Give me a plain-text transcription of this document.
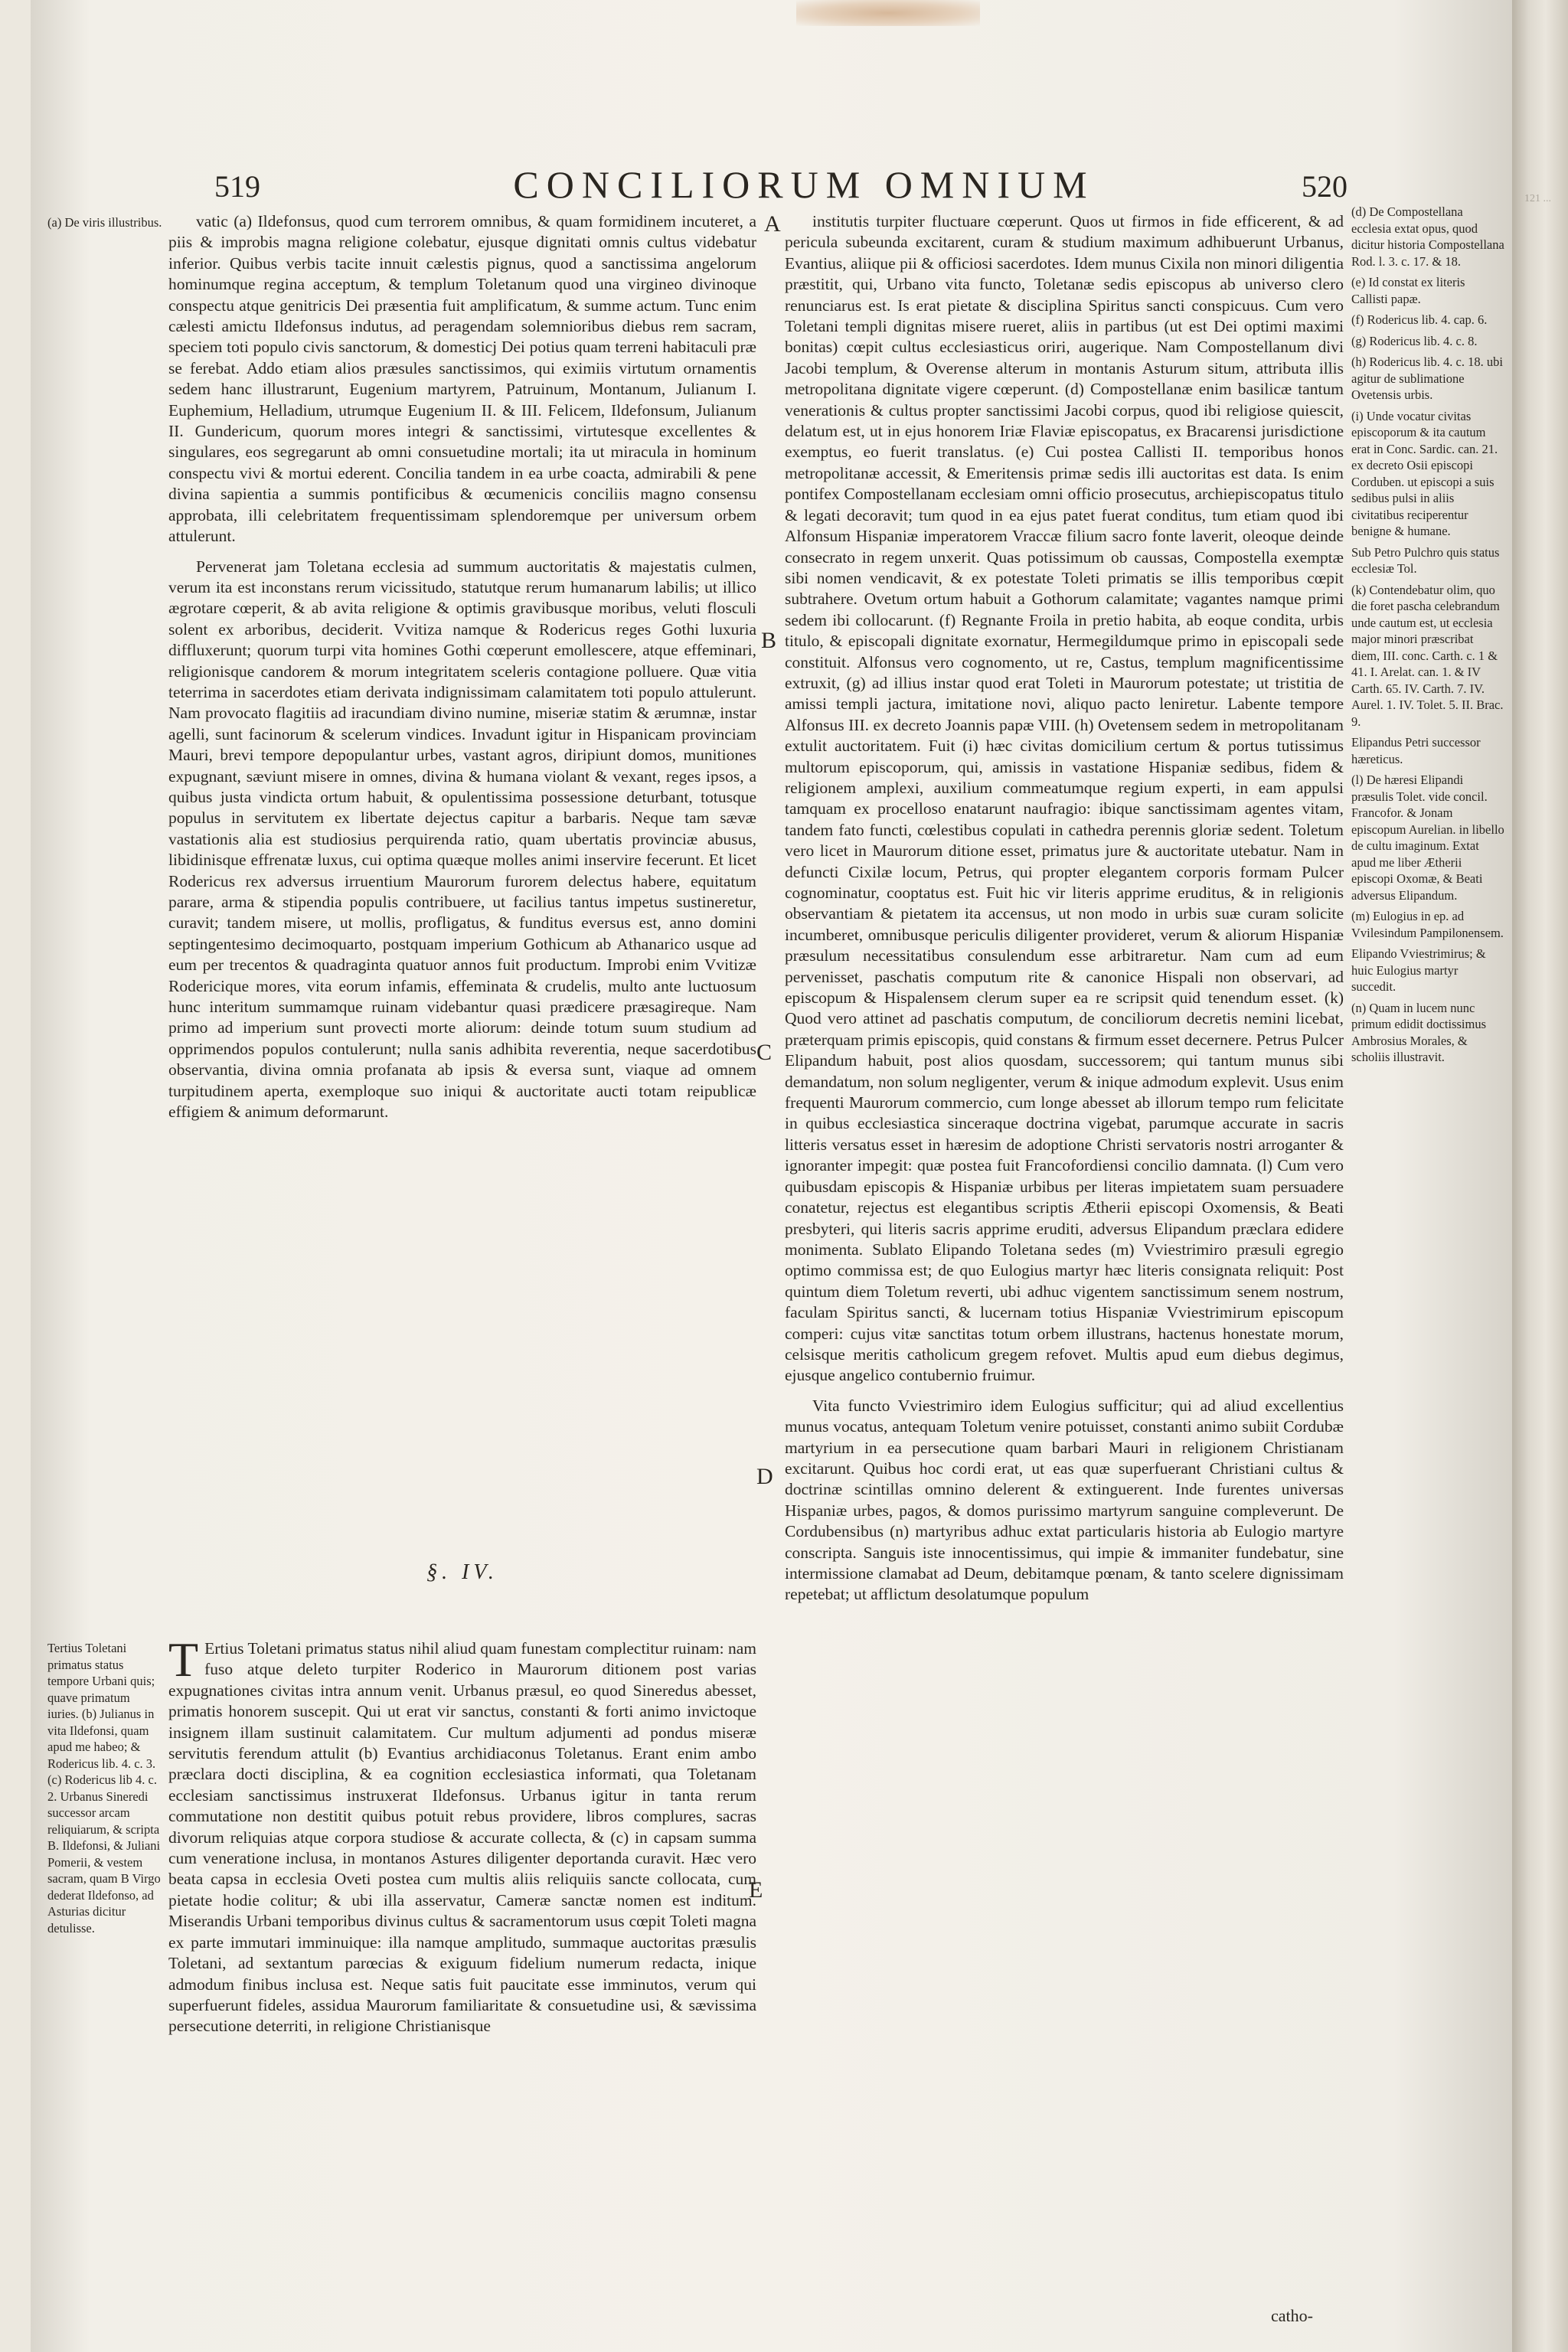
121 ...
519	CONCILIORUM OMNIUM	520
(a) De viris illustribus.	vatic (a) Ildefonsus, quod cum terrorem omnibus, & quam formidinem incuteret, a piis & improbis magna religione colebatur, ejusque dignitati omnis cultus videbatur inferior. Quibus verbis tacite innuit cælestis pignus, quod a sanctissima angelorum hominumque regina acceptum, & templum Toletanum quod una virgineo divinoque conspectu atque genitricis Dei præsentia fuit amplificatum, & summe actum. Tunc enim cælesti amictu Ildefonsus indutus, ad peragendam solemnioribus diebus rem sacram, speciem toti populo civis sanctorum, & domesticj Dei potius quam terreni habitaculi præ se ferebat. Addo etiam alios præsules sanctissimos, qui eximiis virtutum ornamentis sedem hanc illustrarunt, Eugenium martyrem, Patruinum, Montanum, Julianum I. Euphemium, Helladium, utrumque Eugenium II. & III. Felicem, Ildefonsum, Julianum II. Gundericum, quorum mores integri & sanctissimi, virtutesque excellentes & singulares, eos segregarunt ab omni consuetudine mortali; ita ut miracula in hominum conspectu vivi & mortui ederent. Concilia tandem in ea urbe coacta, admirabili & pene divina sapientia a summis pontificibus & œcumenicis conciliis magno consensu approbata, illi celebritatem frequentissimam splendoremque per universum orbem attulerunt.

Pervenerat jam Toletana ecclesia ad summum auctoritatis & majestatis culmen, verum ita est inconstans rerum vicissitudo, statutque rerum humanarum labilis; ut illico ægrotare cœperit, & ab avita religione & optimis gravibusque moribus, veluti flosculi solent ex arboribus, deciderit. Vvitiza namque & Rodericus reges Gothi luxuria diffluxerunt; quorum turpi vita homines Gothi cœperunt emollescere, atque effeminari, religionisque candorem & morum integritatem sceleris contagione polluere. Quæ vitia teterrima in sacerdotes etiam derivata indignissimam calamitatem toti populo attulerunt. Nam provocato flagitiis ad iracundiam divino numine, miseriæ statim & ærumnæ, instar agelli, sunt facinorum & scelerum vindices. Invadunt igitur in Hispanicam provinciam Mauri, brevi tempore depopulantur urbes, vastant agros, diripiunt domos, munitiones expugnant, sæviunt misere in omnes, divina & humana violant & vexant, reges ipsos, a quibus justa vindicta ortum habuit, & opulentissima possessione deturbant, totusque populus in servitutem ex libertate dejectus capitur a barbaris. Neque tam sævæ vastationis alia est studiosius perquirenda ratio, quam ubertatis provinciæ abusus, libidinisque effrenatæ luxus, cui optima quæque molles animi inservire fecerunt. Et licet Rodericus rex adversus irruentium Maurorum furorem delectus habere, equitatum parare, arma & stipendia populis contribuere, ut facilius tantus impetus sustineretur, curavit; tandem misere, ut mollis, profligatus, & funditus eversus est, anno domini septingentesimo decimoquarto, postquam imperium Gothicum ab Athanarico usque ad eum per trecentos & quadraginta quatuor annos fuit productum. Improbi enim Vvitizæ Rodericique mores, vita eorum infamis, effeminata & crudelis, multo ante luctuosum hunc interitum summamque ruinam videbantur quasi prædicere præsagireque. Nam primo ad imperium sunt provecti morte aliorum: deinde totum suum studium ad opprimendos populos contulerunt; nulla sanis adhibita reverentia, neque sacerdotibus observantia, divina omnia profanata ab ipsis & eversa sunt, viaque ad omnem turpitudinem aperta, exemploque suo iniqui & auctoritate aucti totam reipublicæ effigiem & animum deformarunt.

§. IV.
Tertius Toletani primatus status tempore Urbani quis; quave primatum iuries. (b) Julianus in vita Ildefonsi, quam apud me habeo; & Rodericus lib. 4. c. 3. (c) Rodericus lib 4. c. 2. Urbanus Sineredi successor arcam reliquiarum, & scripta B. Ildefonsi, & Juliani Pomerii, & vestem sacram, quam B Virgo dederat Ildefonso, ad Asturias dicitur detulisse.
T Ertius Toletani primatus status nihil aliud quam funestam complectitur ruinam: nam fuso atque deleto turpiter Roderico in Maurorum ditionem post varias expugnationes civitas intra annum venit. Urbanus præsul, eo quod Sineredus abesset, primatis honorem suscepit. Qui ut erat vir sanctus, constanti & forti animo invictoque insignem illam sustinuit calamitatem. Cur multum adjumenti ad pondus miseræ servitutis ferendum attulit (b) Evantius archidiaconus Toletanus. Erant enim ambo præclara docti disciplina, & ea cognition ecclesiastica informati, qua Toletanam ecclesiam sanctissimus instruxerat Ildefonsus. Urbanus igitur in tanta rerum commutatione non destitit quibus potuit rebus providere, libros complures, sacras divorum reliquias atque corpora studiose & accurate collecta, & (c) in capsam summa cum veneratione inclusa, in montanos Astures diligenter deportanda curavit. Hæc vero beata capsa in ecclesia Oveti postea cum multis aliis reliquiis sancte collocata, cum pietate hodie colitur; & ubi illa asservatur, Cameræ sanctæ nomen est inditum. Miserandis Urbani temporibus divinus cultus & sacramentorum usus cœpit Toleti magna ex parte immutari imminuique: illa namque amplitudo, summaque auctoritas præsulis Toletani, ad sextantum parœcias & exiguum fidelium numerum redacta, inique admodum finibus inclusa est. Neque satis fuit paucitate esse imminutos, verum qui superfuerunt fideles, assidua Maurorum familiaritate & consuetudine usi, & sævissima persecutione deterriti, in religione Christianisque
A
B
C
D
E

institutis turpiter fluctuare cœperunt. Quos ut firmos in fide efficerent, & ad pericula subeunda excitarent, curam & studium maximum adhibuerunt Urbanus, Evantius, aliique pii & officiosi sacerdotes. Idem munus Cixila non minori diligentia præstitit, qui, Urbano vita functo, Toletanæ sedis episcopus ab universo clero renunciarus est. Is erat pietate & disciplina Spiritus sancti conspicuus. Cum vero Toletani templi dignitas misere rueret, aliis in partibus (ut est Dei optimi maximi bonitas) cœpit cultus ecclesiasticus oriri, augerique. Nam Compostellanum divi Jacobi templum, & Overense alterum in montanis Asturum situm, attributa illis metropolitana dignitate vigere cœperunt. (d) Compostellanæ enim basilicæ tantum venerationis & cultus propter sanctissimi Jacobi corpus, quod ibi religiose quiescit, delatum est, ut in ejus honorem Iriæ Flaviæ episcopatus, ex Bracarensi jurisdictione exemptus, eo fuerit translatus. (e) Cui postea Callisti II. temporibus honos metropolitanæ accessit, & Emeritensis primæ sedis illi auctoritas est data. Is enim pontifex Compostellanam ecclesiam omni officio prosecutus, archiepiscopatus titulo & legati decoravit; tum quod in ea ejus patet fuerat conditus, tum etiam quod ibi Alfonsum Hispaniæ imperatorem Vraccæ filium sacro fonte laverit, oleoque deinde consecrato in regem unxerit. Quas potissimum ob caussas, Compostella exemptæ sibi nomen vendicavit, & ex potestate Toleti primatis se illis temporibus cœpit subtrahere. Ovetum ortum habuit a Gothorum calamitate; vagantes namque primi sedem ibi collocarunt. (f) Regnante Froila in pretio habita, ab eoque condita, urbis titulo, & episcopali dignitate exornatur, Hermegildumque primo in episcopali sede constituit. Alfonsus vero cognomento, ut re, Castus, templum magnificentissime extruxit, (g) ad illius instar quod erat Toleti in Maurorum potestate; ut tristitia de amissi templi jactura, imitatione novi, aliquo pacto leniretur. Labente tempore Alfonsus III. ex decreto Joannis papæ VIII. (h) Ovetensem sedem in metropolitanam extulit auctoritatem. Fuit (i) hæc civitas domicilium certum & portus tutissimus multorum episcoporum, qui, amissis in vastatione Hispaniæ sedibus, fidem & religionem amplexi, auxilium commeatumque regium experti, in eam appulsi tamquam ex procelloso enatarunt naufragio: ibique sanctissimam agentes vitam, tandem fato functi, cœlestibus copulati in cathedra perennis gloriæ sedent. Toletum vero licet in Maurorum ditione esset, primatus jure & auctoritate utebatur. Nam in defuncti Cixilæ locum, Petrus, qui propter elegantem corporis formam Pulcer cognominatur, cooptatus est. Fuit hic vir literis apprime eruditus, & in religionis observantiam & pietatem ita accensus, ut non modo in urbis suæ curam solicite incumberet, omnibusque periculis diligenter provideret, verum & aliorum Hispaniæ præsulum necessitatibus consulendum esse arbitraretur. Nam cum ad eum pervenisset, paschatis computum rite & canonice Hispali non observari, ad episcopum & Hispalensem clerum super ea re scripsit quid tenendum esset. (k) Quod vero attinet ad paschatis computum, de conciliorum decretis nemini licebat, præterquam primis episcopis, quid constans & firmum esset decernere. Petrus Pulcer Elipandum habuit, post alios quosdam, successorem; qui tantum munus sibi demandatum, non solum negligenter, verum & inique admodum explevit. Usus enim frequenti Maurorum commercio, cum longe abesset ab illorum tempo rum felicitate in quibus ecclesiastica sinceraque doctrina vigebat, parumque accurate in sacris litteris versatus esset in hæresim de adoptione Christi servatoris nostri arroganter & ignoranter impegit: quæ postea fuit Francofordiensi concilio damnata. (l) Cum vero quibusdam episcopis & Hispaniæ urbibus per literas impietatem suam persuadere conatetur, rejectus est elegantibus scriptis Ætherii episcopi Oxomensis, & Beati presbyteri, qui literis sacris apprime eruditi, adversus Elipandum præclara edidere monimenta. Sublato Elipando Toletana sedes (m) Vviestrimiro præsuli egregio optimo commissa est; de quo Eulogius martyr hæc literis consignata reliquit: Post quintum diem Toletum reverti, ubi adhuc vigentem sanctissimum senem nostrum, faculam Spiritus sancti, & lucernam totius Hispaniæ Vviestrimirum episcopum comperi: cujus vitæ sanctitas totum orbem illustrans, hactenus honestate morum, celsisque meritis catholicum gregem refovet. Multis apud eum diebus degimus, ejusque angelico contubernio fruimur.

Vita functo Vviestrimiro idem Eulogius sufficitur; qui ad aliud excellentius munus vocatus, antequam Toletum venire potuisset, constanti animo subiit Cordubæ martyrium in ea persecutione quam barbari Mauri in religionem Christianam excitarunt. Quibus hoc cordi erat, ut eas quæ superfuerant Christiani cultus & doctrinæ scintillas omnino delerent & extinguerent. Inde furentes universas Hispaniæ urbes, pagos, & domos purissimo martyrum sanguine compleverunt. De Cordubensibus (n) martyribus adhuc extat particularis historia ab Eulogio martyre conscripta. Sanguis iste innocentissimus, qui impie & immaniter fundebatur, sine intermissione clamabat ad Deum, debitamque pœnam, & tanto scelere dignissimam repetebat; ut afflictum desolatumque populum

(d) De Compostellana ecclesia extat opus, quod dicitur historia Compostellana Rod. l. 3. c. 17. & 18.
(e) Id constat ex literis Callisti papæ.
(f) Rodericus lib. 4. cap. 6.
(g) Rodericus lib. 4. c. 8.
(h) Rodericus lib. 4. c. 18. ubi agitur de sublimatione Ovetensis urbis.
(i) Unde vocatur civitas episcoporum & ita cautum erat in Conc. Sardic. can. 21. ex decreto Osii episcopi Corduben. ut episcopi a suis sedibus pulsi in aliis civitatibus reciperentur benigne & humane.
Sub Petro Pulchro quis status ecclesiæ Tol.
(k) Contendebatur olim, quo die foret pascha celebrandum unde cautum est, ut ecclesia major minori præscribat diem, III. conc. Carth. c. 1 & 41. I. Arelat. can. 1. & IV Carth. 65. IV. Carth. 7. IV. Aurel. 1. IV. Tolet. 5. II. Brac. 9.
Elipandus Petri successor hæreticus.
(l) De hæresi Elipandi præsulis Tolet. vide concil. Francofor. & Jonam episcopum Aurelian. in libello de cultu imaginum. Extat apud me liber Ætherii episcopi Oxomæ, & Beati adversus Elipandum.
(m) Eulogius in ep. ad Vvilesindum Pampilonensem.
Elipando Vviestrimirus; & huic Eulogius martyr succedit.
(n) Quam in lucem nunc primum edidit doctissimus Ambrosius Morales, & scholiis illustravit.
catho-
